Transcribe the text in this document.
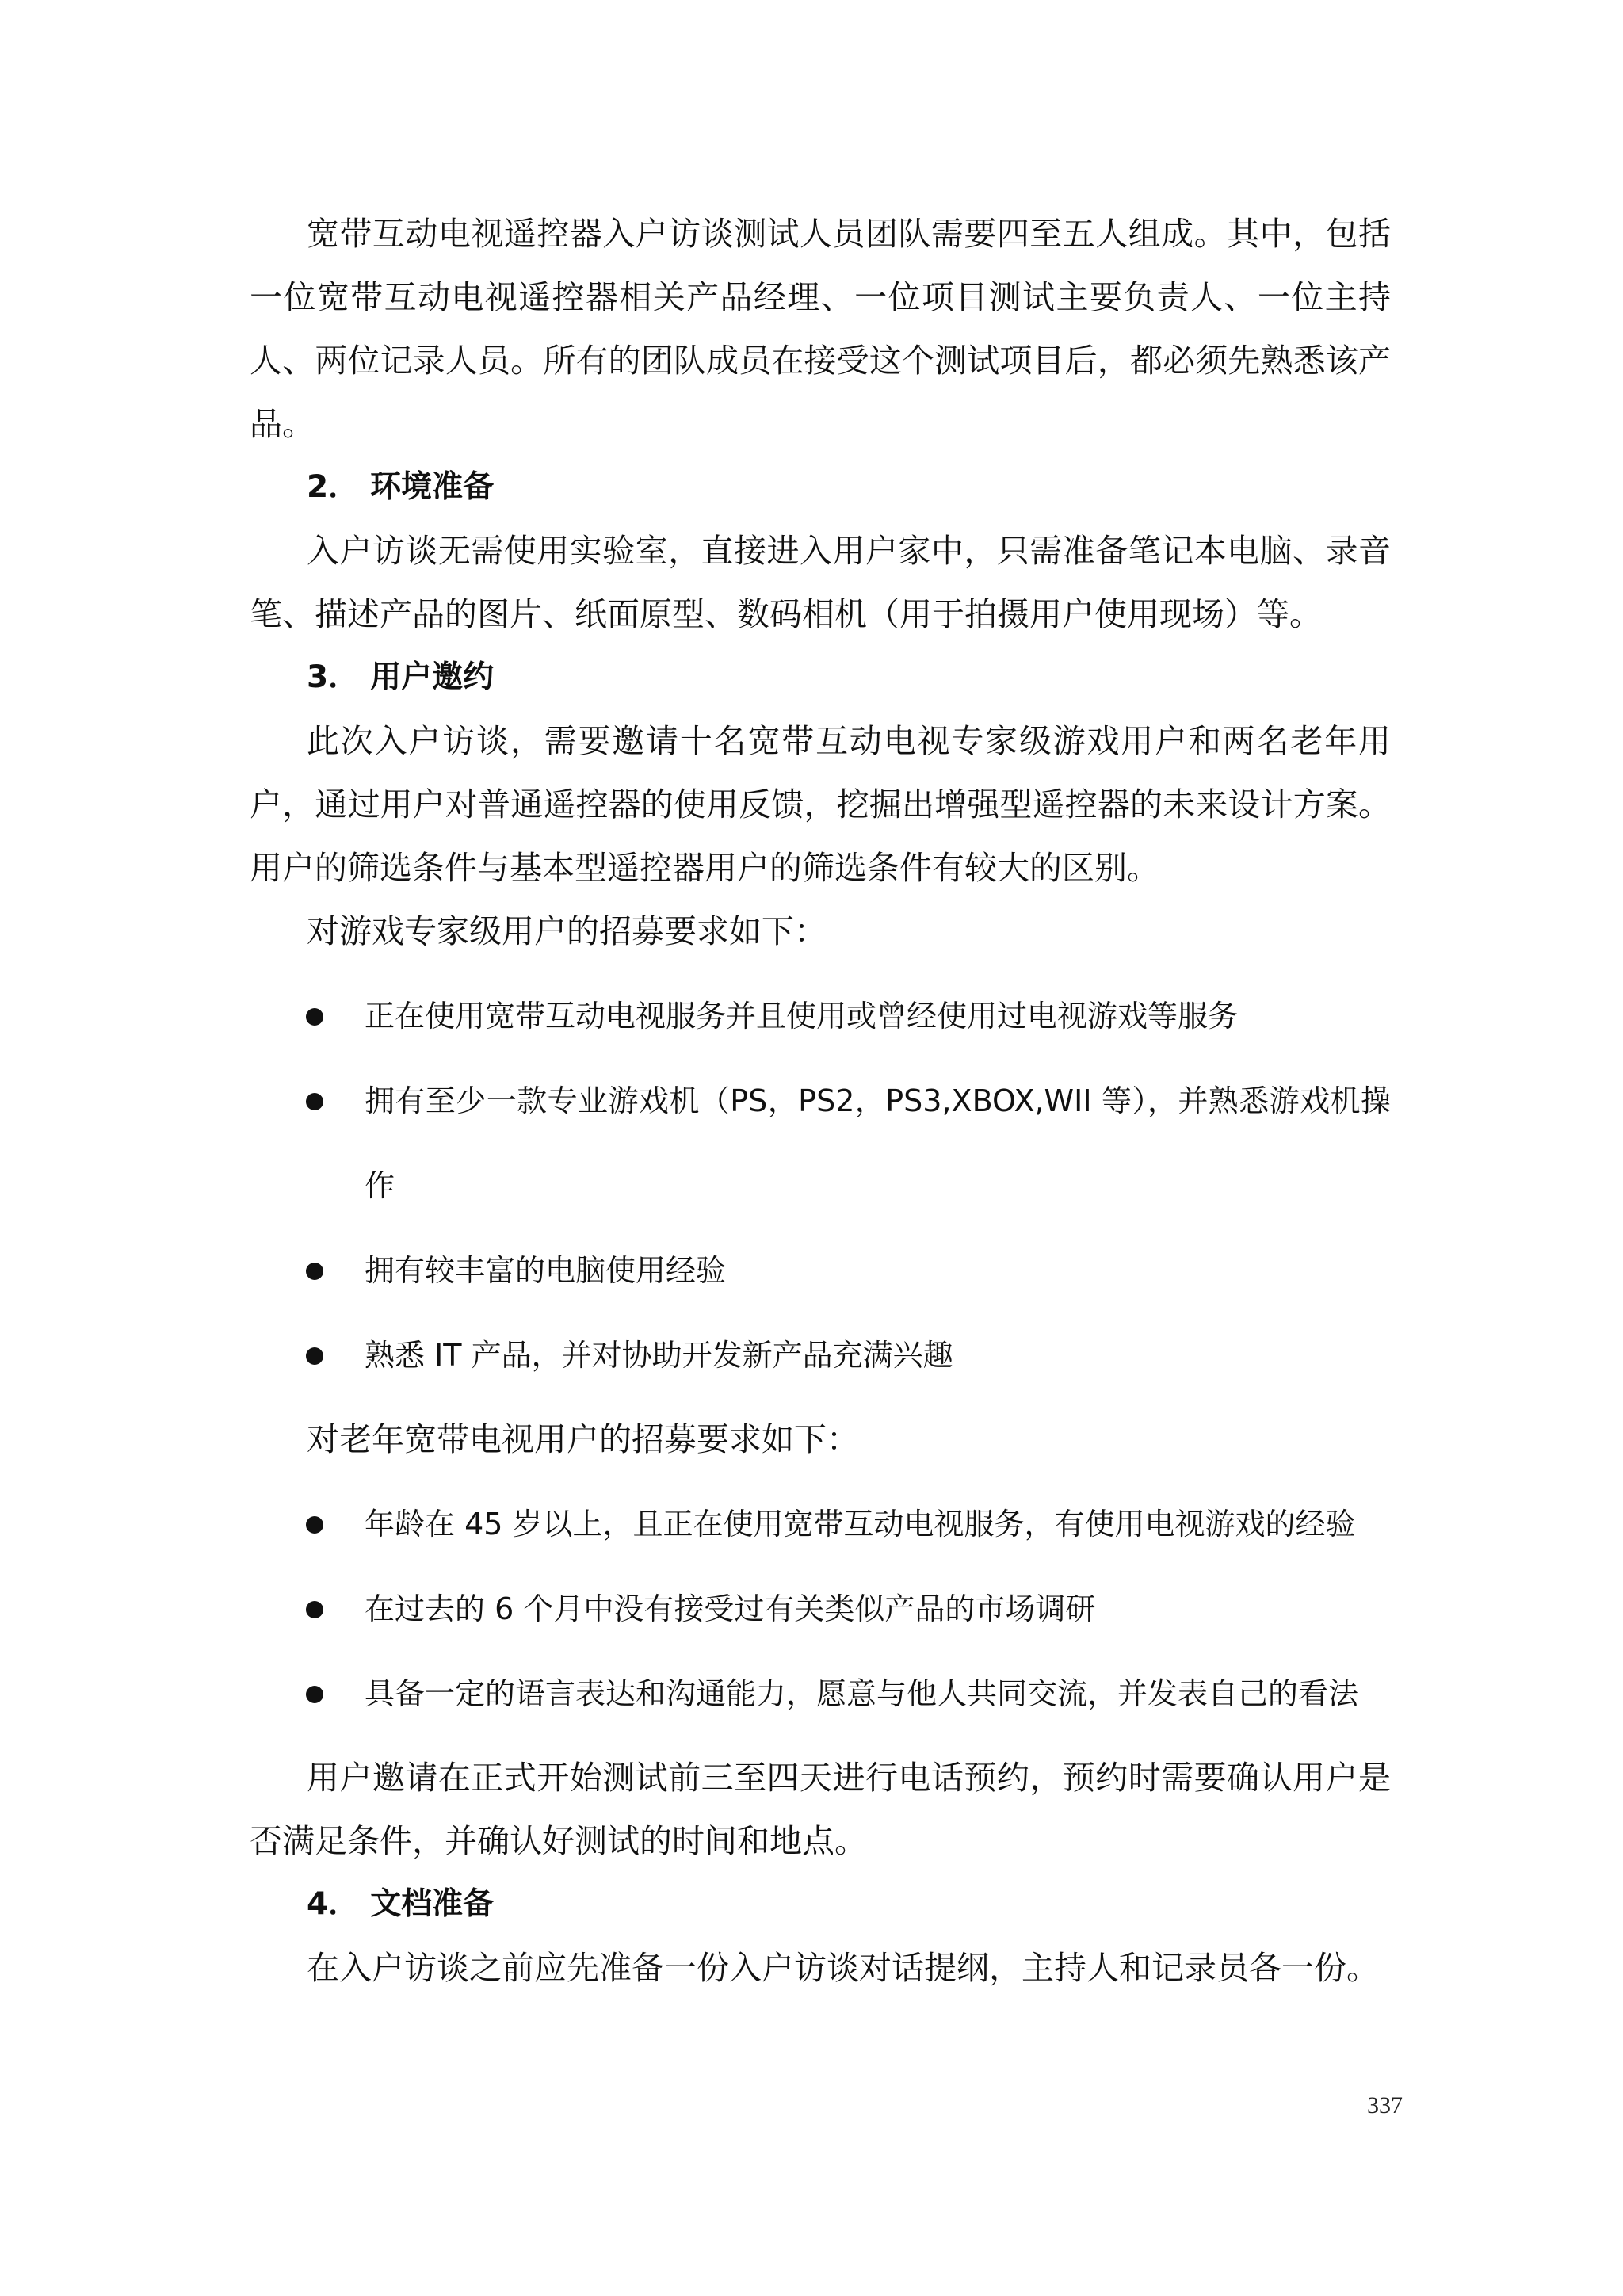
宽带互动电视遥控器入户访谈测试人员团队需要四至五人组成。其中，包括一位宽带互动电视遥控器相关产品经理、一位项目测试主要负责人、一位主持人、两位记录人员。所有的团队成员在接受这个测试项目后，都必须先熟悉该产品。

2． 环境准备

入户访谈无需使用实验室，直接进入用户家中，只需准备笔记本电脑、录音笔、描述产品的图片、纸面原型、数码相机（用于拍摄用户使用现场）等。

3． 用户邀约

此次入户访谈，需要邀请十名宽带互动电视专家级游戏用户和两名老年用户，通过用户对普通遥控器的使用反馈，挖掘出增强型遥控器的未来设计方案。用户的筛选条件与基本型遥控器用户的筛选条件有较大的区别。

对游戏专家级用户的招募要求如下：

正在使用宽带互动电视服务并且使用或曾经使用过电视游戏等服务
拥有至少一款专业游戏机（PS，PS2，PS3,XBOX,WII 等），并熟悉游戏机操作
拥有较丰富的电脑使用经验
熟悉 IT 产品，并对协助开发新产品充满兴趣

对老年宽带电视用户的招募要求如下：

年龄在 45 岁以上，且正在使用宽带互动电视服务，有使用电视游戏的经验
在过去的 6 个月中没有接受过有关类似产品的市场调研
具备一定的语言表达和沟通能力，愿意与他人共同交流，并发表自己的看法

用户邀请在正式开始测试前三至四天进行电话预约，预约时需要确认用户是否满足条件，并确认好测试的时间和地点。

4． 文档准备

在入户访谈之前应先准备一份入户访谈对话提纲，主持人和记录员各一份。

337
